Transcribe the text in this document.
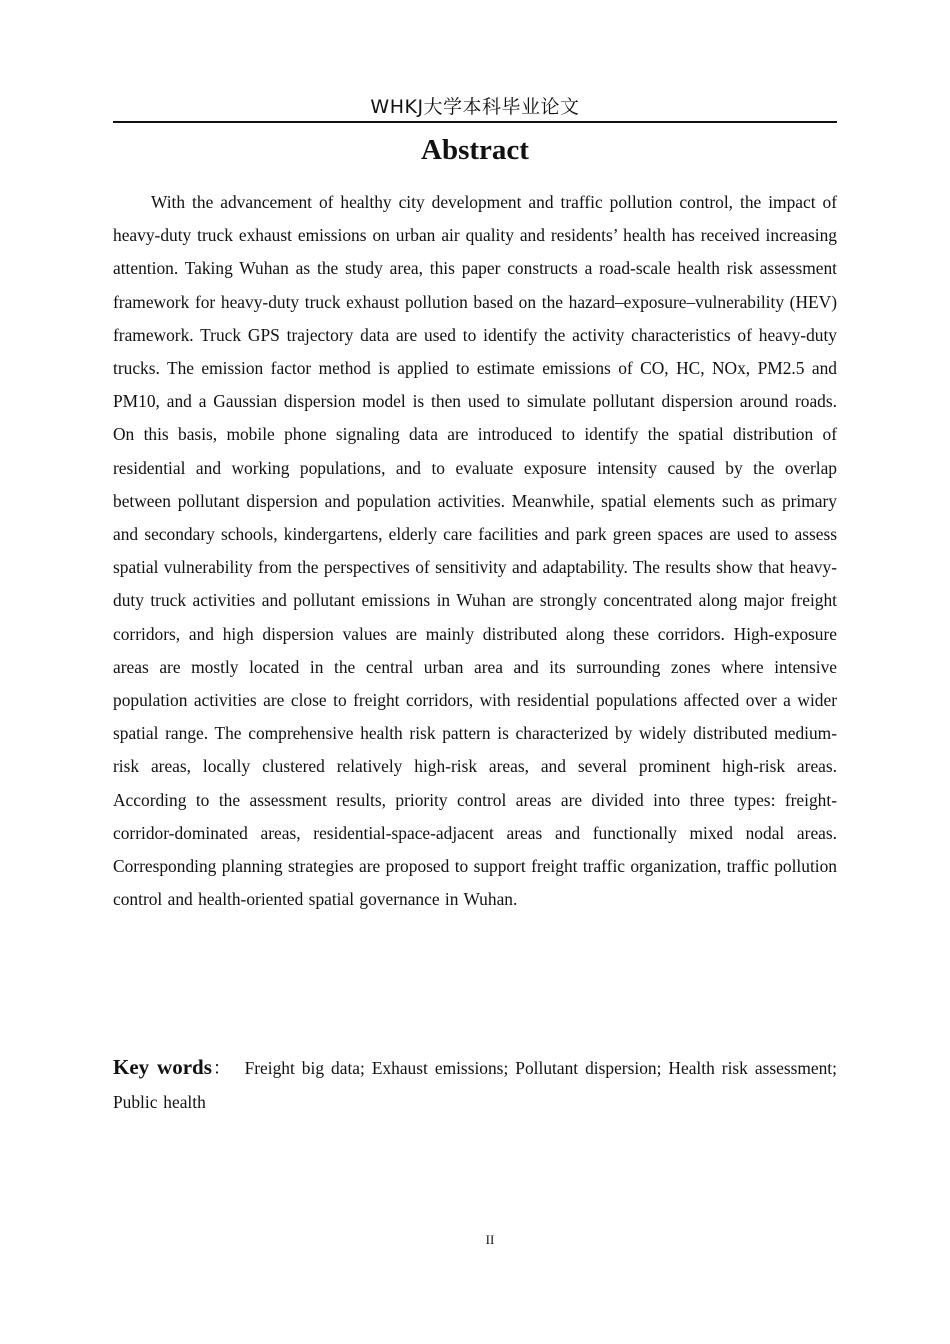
WHKJ大学本科毕业论文
Abstract

With the advancement of healthy city development and traffic pollution control, the impact of heavy-duty truck exhaust emissions on urban air quality and residents’ health has received increasing attention. Taking Wuhan as the study area, this paper constructs a road-scale health risk assessment framework for heavy-duty truck exhaust pollution based on the hazard–exposure–vulnerability (HEV) framework. Truck GPS trajectory data are used to identify the activity characteristics of heavy-duty trucks. The emission factor method is applied to estimate emissions of CO, HC, NOx, PM2.5 and PM10, and a Gaussian dispersion model is then used to simulate pollutant dispersion around roads. On this basis, mobile phone signaling data are introduced to identify the spatial distribution of residential and working populations, and to evaluate exposure intensity caused by the overlap between pollutant dispersion and population activities. Meanwhile, spatial elements such as primary and secondary schools, kindergartens, elderly care facilities and park green spaces are used to assess spatial vulnerability from the perspectives of sensitivity and adaptability. The results show that heavy-duty truck activities and pollutant emissions in Wuhan are strongly concentrated along major freight corridors, and high dispersion values are mainly distributed along these corridors. High-exposure areas are mostly located in the central urban area and its surrounding zones where intensive population activities are close to freight corridors, with residential populations affected over a wider spatial range. The comprehensive health risk pattern is characterized by widely distributed medium-risk areas, locally clustered relatively high-risk areas, and several prominent high-risk areas. According to the assessment results, priority control areas are divided into three types: freight-corridor-dominated areas, residential-space-adjacent areas and functionally mixed nodal areas. Corresponding planning strategies are proposed to support freight traffic organization, traffic pollution control and health-oriented spatial governance in Wuhan.

Key words： Freight big data; Exhaust emissions; Pollutant dispersion; Health risk assessment; Public health

II
